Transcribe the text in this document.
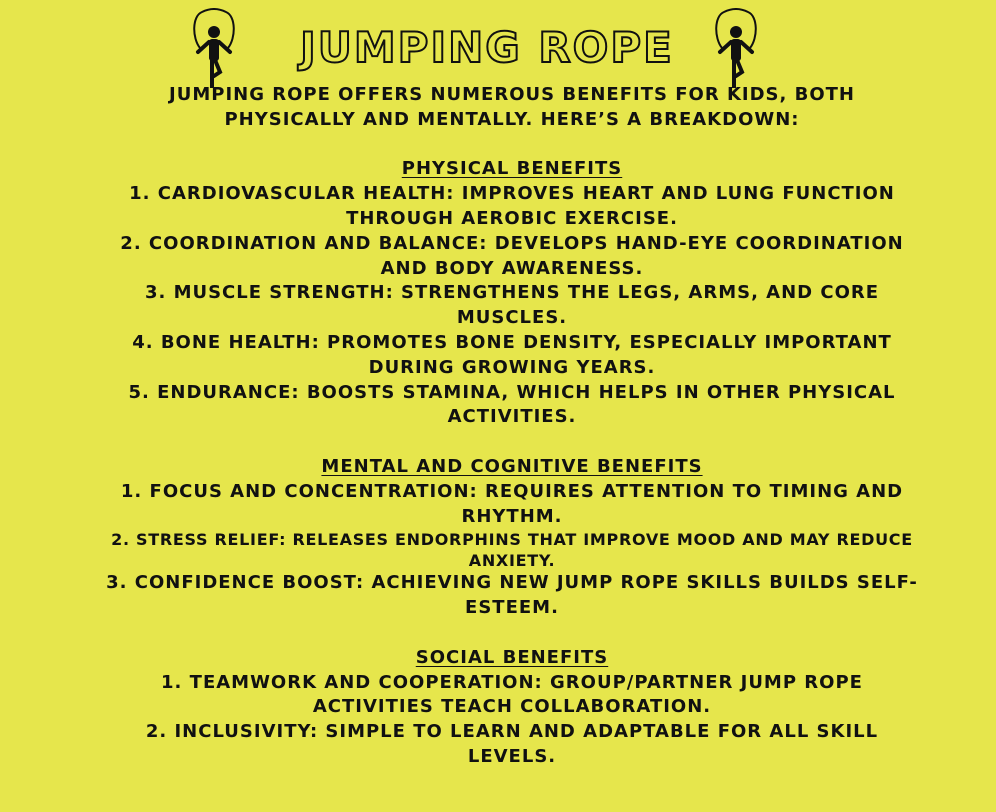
JUMPING ROPE

JUMPING ROPE OFFERS NUMEROUS BENEFITS FOR KIDS, BOTH PHYSICALLY AND MENTALLY. HERE’S A BREAKDOWN:

PHYSICAL BENEFITS

1. CARDIOVASCULAR HEALTH: IMPROVES HEART AND LUNG FUNCTION THROUGH AEROBIC EXERCISE.

2. COORDINATION AND BALANCE: DEVELOPS HAND-EYE COORDINATION AND BODY AWARENESS.

3. MUSCLE STRENGTH: STRENGTHENS THE LEGS, ARMS, AND CORE MUSCLES.

4. BONE HEALTH: PROMOTES BONE DENSITY, ESPECIALLY IMPORTANT DURING GROWING YEARS.

5. ENDURANCE: BOOSTS STAMINA, WHICH HELPS IN OTHER PHYSICAL ACTIVITIES.

MENTAL AND COGNITIVE BENEFITS

1. FOCUS AND CONCENTRATION: REQUIRES ATTENTION TO TIMING AND RHYTHM.

2. STRESS RELIEF: RELEASES ENDORPHINS THAT IMPROVE MOOD AND MAY REDUCE ANXIETY.

3. CONFIDENCE BOOST: ACHIEVING NEW JUMP ROPE SKILLS BUILDS SELF-ESTEEM.

SOCIAL BENEFITS

1. TEAMWORK AND COOPERATION: GROUP/PARTNER JUMP ROPE ACTIVITIES TEACH COLLABORATION.

2. INCLUSIVITY: SIMPLE TO LEARN AND ADAPTABLE FOR ALL SKILL LEVELS.
